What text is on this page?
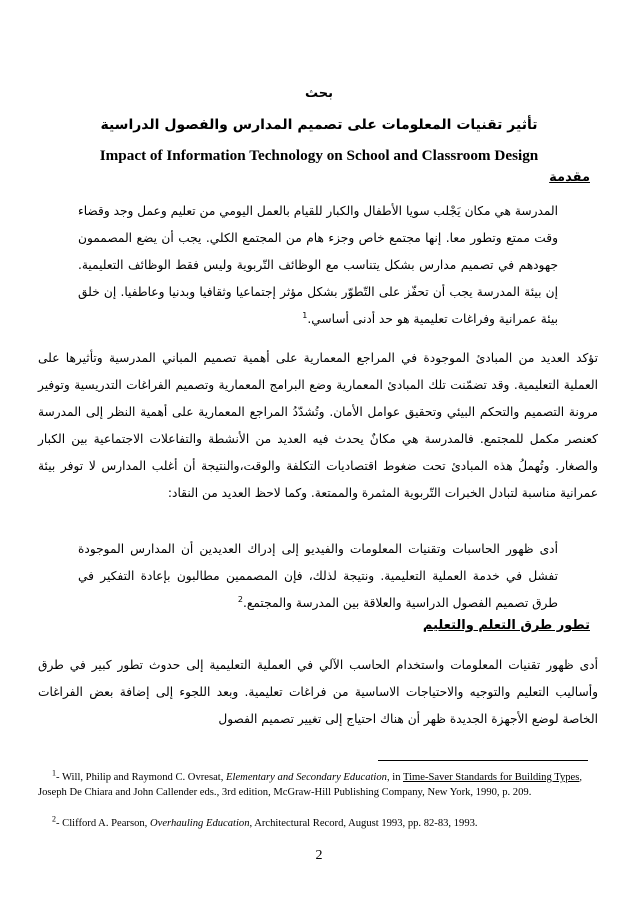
بحث
تأثير تقنيات المعلومات على تصميم المدارس والفصول الدراسية
Impact of Information Technology on School and Classroom Design
مقدمة
المدرسة هي مكان يَجْلب سويا الأطفال والكبار للقيام بالعمل اليومي من تعليم وعمل وجد وقضاء وقت ممتع وتطور معا. إنها مجتمع خاص وجزء هام من المجتمع الكلي. يجب أن يضع المصممون جهودهم في تصميم مدارس بشكل يتناسب مع الوظائف التّربوية وليس فقط الوظائف التعليمية. إن بيئة المدرسة يجب أن تحفّز على التّطوّر بشكل مؤثر إجتماعيا وثقافيا وبدنيا وعاطفيا. إن خلق بيئة عمرانية وفراغات تعليمية هو حد أدنى أساسي.$^1$
تؤكد العديد من المبادئ الموجودة في المراجع المعمارية على أهمية تصميم المباني المدرسية وتأثيرها على العملية التعليمية. وقد تضمّنت تلك المبادئ المعمارية وضع البرامج المعمارية وتصميم الفراغات التدريسية وتوفير مرونة التصميم والتحكم البيئي وتحقيق عوامل الأمان. وتُشدّدُ المراجع المعمارية على أهمية النظر إلى المدرسة كعنصر مكمل للمجتمع. فالمدرسة هي مكانٌ يحدث فيه العديد من الأنشطة والتفاعلات الاجتماعية بين الكبار والصغار. وتُهملُ هذه المبادئ تحت ضغوط اقتصاديات التكلفة والوقت،والنتيجة أن أغلب المدارس لا توفر بيئة عمرانية مناسبة لتبادل الخبرات التّربوية المثمرة والممتعة. وكما لاحظ العديد من النقاد:
أدى ظهور الحاسبات وتقنيات المعلومات والفيديو إلى إدراك العديدين أن المدارس الموجودة تفشل في خدمة العملية التعليمية. ونتيجة لذلك، فإن المصممين مطالبون بإعادة التفكير في طرق تصميم الفصول الدراسية والعلاقة بين المدرسة والمجتمع.$^2$
تطور طرق التعلم والتعليم
أدى ظهور تقنيات المعلومات واستخدام الحاسب الآلي في العملية التعليمية إلى حدوث تطور كبير في طرق وأساليب التعليم والتوجيه والاحتياجات الاساسية من فراغات تعليمية. وبعد اللجوء إلى إضافة بعض الفراغات الخاصة لوضع الأجهزة الجديدة ظهر أن هناك احتياج إلى تغيير تصميم الفصول
$^1$- Will, Philip and Raymond C. Ovresat, Elementary and Secondary Education, in Time-Saver Standards for Building Types, Joseph De Chiara and John Callender eds., 3rd edition, McGraw-Hill Publishing Company, New York, 1990, p. 209.
$^2$- Clifford A. Pearson, Overhauling Education, Architectural Record, August 1993, pp. 82-83, 1993.
2
